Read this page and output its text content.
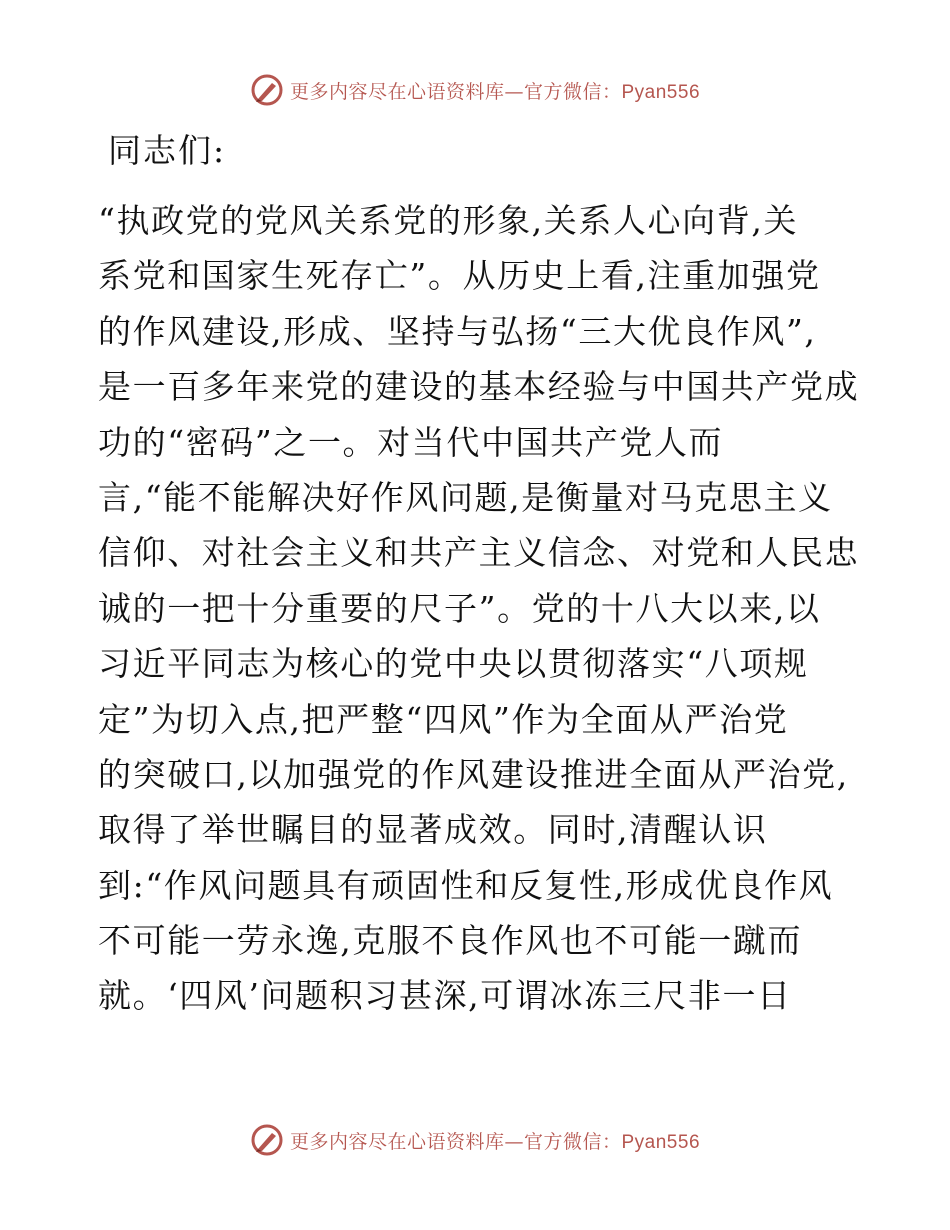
更多内容尽在心语资料库—官方微信：Pyan556
同志们:
“执政党的党风关系党的形象,关系人心向背,关
系党和国家生死存亡”。从历史上看,注重加强党
的作风建设,形成、坚持与弘扬“三大优良作风”,
是一百多年来党的建设的基本经验与中国共产党成
功的“密码”之一。对当代中国共产党人而
言,“能不能解决好作风问题,是衡量对马克思主义
信仰、对社会主义和共产主义信念、对党和人民忠
诚的一把十分重要的尺子”。党的十八大以来,以
习近平同志为核心的党中央以贯彻落实“八项规
定”为切入点,把严整“四风”作为全面从严治党
的突破口,以加强党的作风建设推进全面从严治党,
取得了举世瞩目的显著成效。同时,清醒认识
到:“作风问题具有顽固性和反复性,形成优良作风
不可能一劳永逸,克服不良作风也不可能一蹴而
就。‘四风’问题积习甚深,可谓冰冻三尺非一日
更多内容尽在心语资料库—官方微信：Pyan556
